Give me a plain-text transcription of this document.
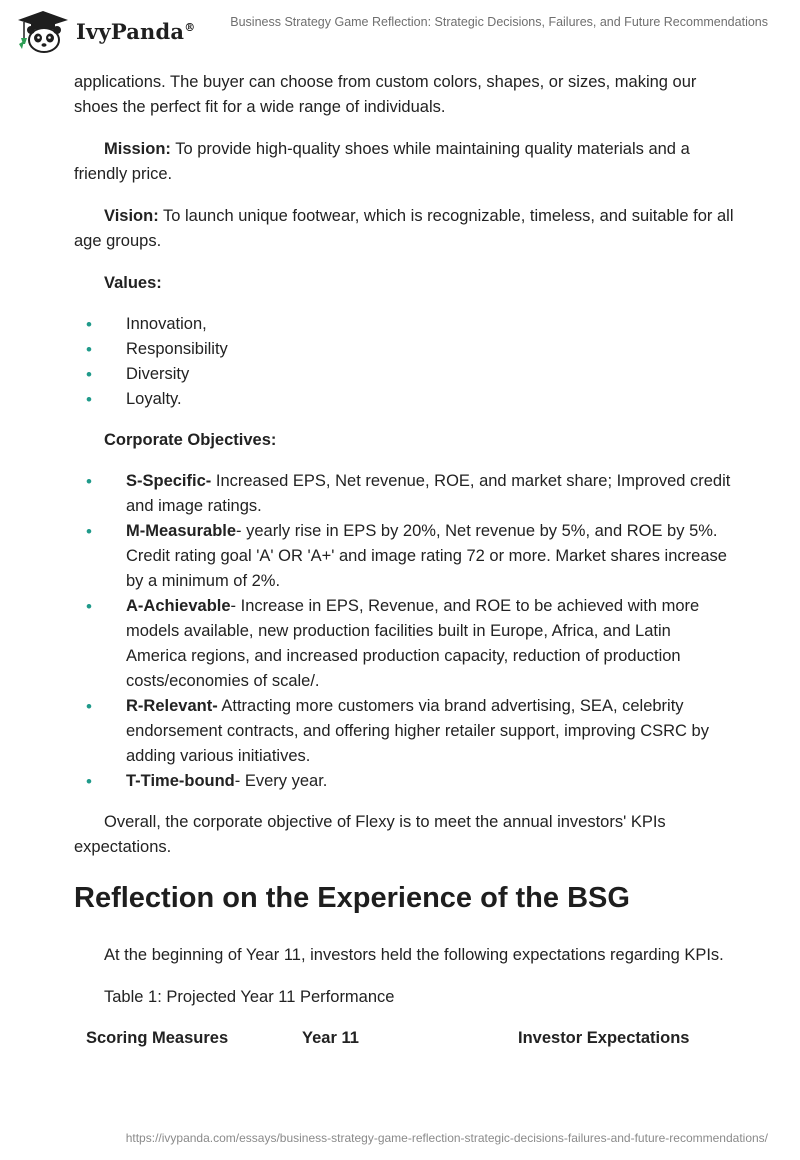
IvyPanda®	Business Strategy Game Reflection: Strategic Decisions, Failures, and Future Recommendations

applications. The buyer can choose from custom colors, shapes, or sizes, making our shoes the perfect fit for a wide range of individuals.

Mission: To provide high-quality shoes while maintaining quality materials and a friendly price.

Vision: To launch unique footwear, which is recognizable, timeless, and suitable for all age groups.

Values:

• Innovation,
• Responsibility
• Diversity
• Loyalty.

Corporate Objectives:

• S-Specific- Increased EPS, Net revenue, ROE, and market share; Improved credit and image ratings.
• M-Measurable- yearly rise in EPS by 20%, Net revenue by 5%, and ROE by 5%. Credit rating goal 'A' OR 'A+' and image rating 72 or more. Market shares increase by a minimum of 2%.
• A-Achievable- Increase in EPS, Revenue, and ROE to be achieved with more models available, new production facilities built in Europe, Africa, and Latin America regions, and increased production capacity, reduction of production costs/economies of scale/.
• R-Relevant- Attracting more customers via brand advertising, SEA, celebrity endorsement contracts, and offering higher retailer support, improving CSRC by adding various initiatives.
• T-Time-bound- Every year.

Overall, the corporate objective of Flexy is to meet the annual investors' KPIs expectations.

Reflection on the Experience of the BSG

At the beginning of Year 11, investors held the following expectations regarding KPIs.

Table 1: Projected Year 11 Performance

Scoring Measures	Year 11	Investor Expectations
https://ivypanda.com/essays/business-strategy-game-reflection-strategic-decisions-failures-and-future-recommendations/
